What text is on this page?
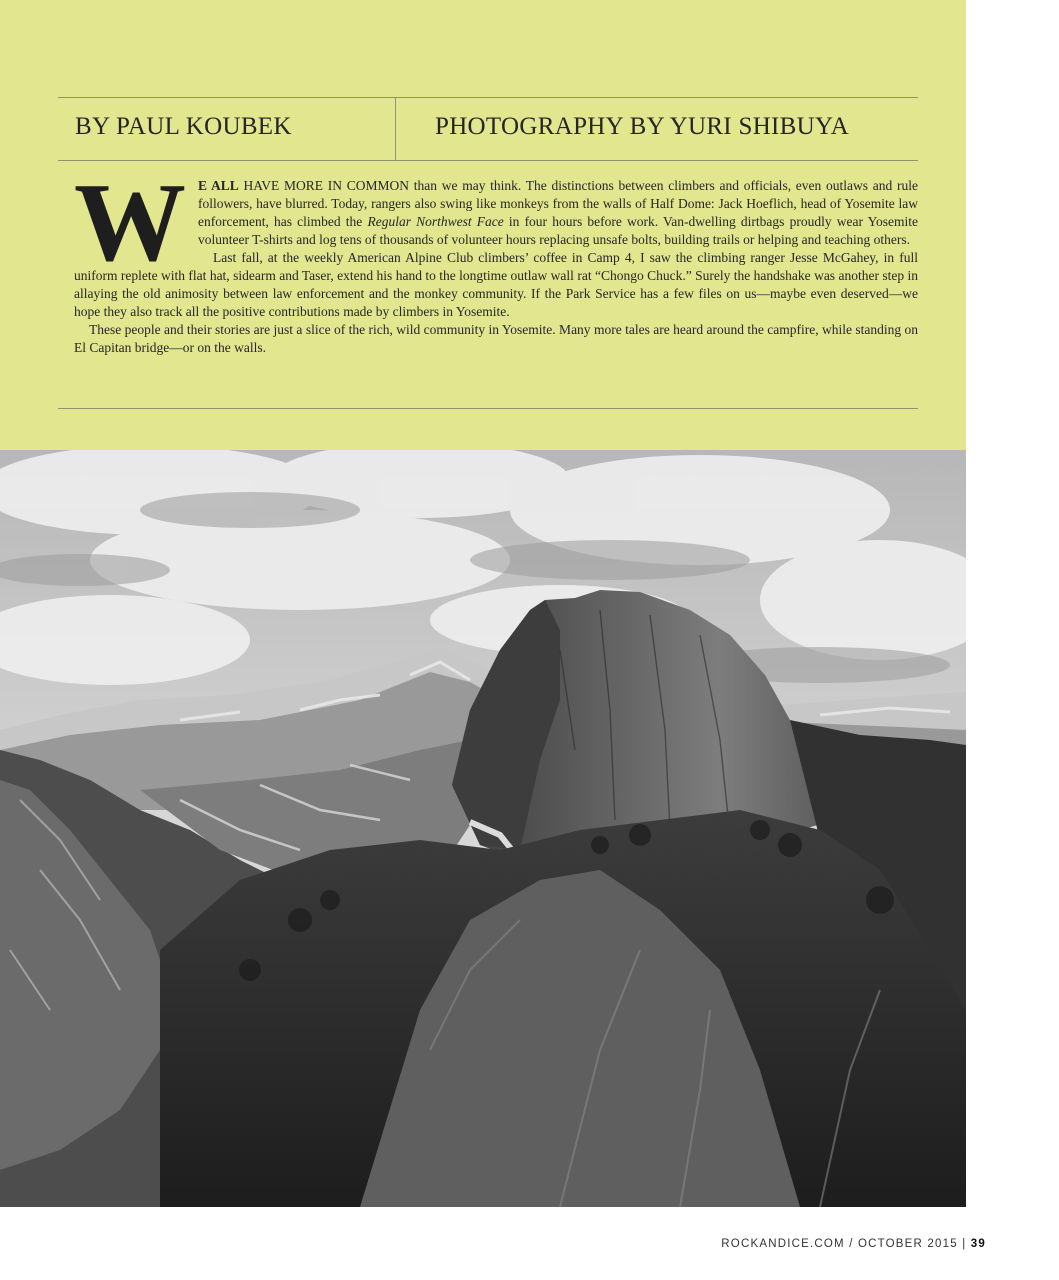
BY PAUL KOUBEK	PHOTOGRAPHY BY YURI SHIBUYA

W E ALL HAVE MORE IN COMMON than we may think. The distinctions between climbers and officials, even outlaws and rule followers, have blurred. Today, rangers also swing like monkeys from the walls of Half Dome: Jack Hoeflich, head of Yosemite law enforcement, has climbed the Regular Northwest Face in four hours before work. Van-dwelling dirtbags proudly wear Yosemite volunteer T-shirts and log tens of thousands of volunteer hours replacing unsafe bolts, building trails or helping and teaching others.

Last fall, at the weekly American Alpine Club climbers’ coffee in Camp 4, I saw the climbing ranger Jesse McGahey, in full uniform replete with flat hat, sidearm and Taser, extend his hand to the longtime outlaw wall rat “Chongo Chuck.” Surely the handshake was another step in allaying the old animosity between law enforcement and the monkey community. If the Park Service has a few files on us—maybe even deserved—we hope they also track all the positive contributions made by climbers in Yosemite.

These people and their stories are just a slice of the rich, wild community in Yosemite. Many more tales are heard around the campfire, while standing on El Capitan bridge—or on the walls.

ROCKANDICE.COM / OCTOBER 2015 | 39
